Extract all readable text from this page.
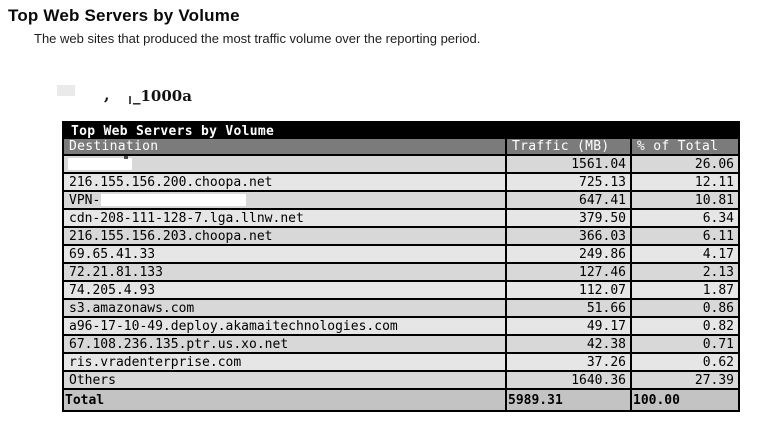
Top Web Servers by Volume
The web sites that produced the most traffic volume over the reporting period.
, _1000a
Top Web Servers by Volume		
Destination	Traffic (MB)	% of Total

	1561.04	26.06
216.155.156.200.choopa.net	725.13	12.11
VPN-	647.41	10.81
cdn-208-111-128-7.lga.llnw.net	379.50	6.34
216.155.156.203.choopa.net	366.03	6.11
69.65.41.33	249.86	4.17
72.21.81.133	127.46	2.13
74.205.4.93	112.07	1.87
s3.amazonaws.com	51.66	0.86
a96-17-10-49.deploy.akamaitechnologies.com	49.17	0.82
67.108.236.135.ptr.us.xo.net	42.38	0.71
ris.vradenterprise.com	37.26	0.62
Others	1640.36	27.39
Total	5989.31	100.00
